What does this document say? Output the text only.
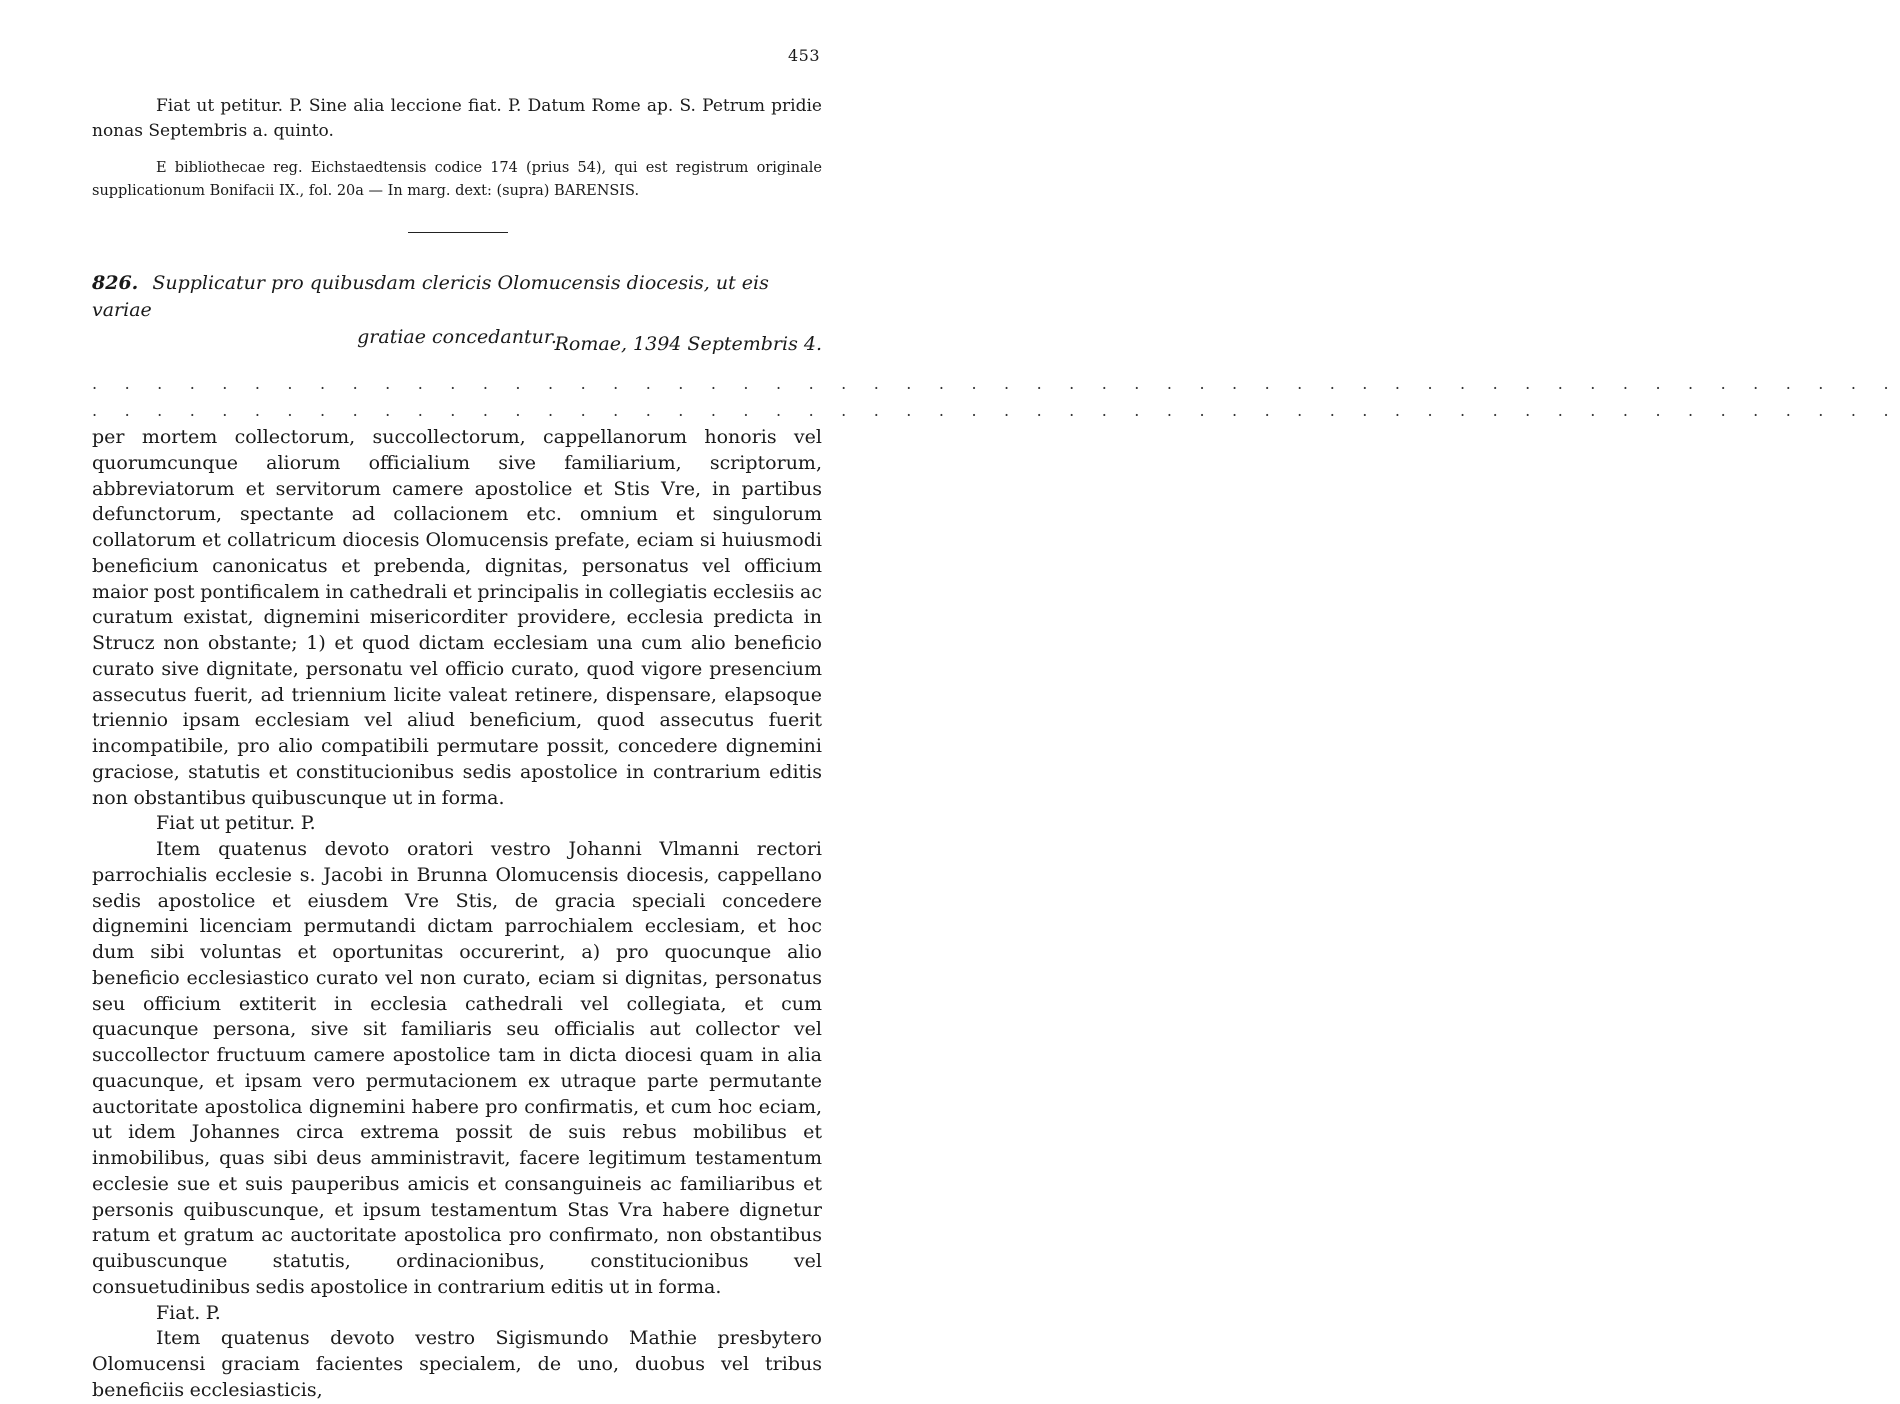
453

Fiat ut petitur. P. Sine alia leccione fiat. P. Datum Rome ap. S. Petrum pridie nonas Septembris a. quinto.

E bibliothecae reg. Eichstaedtensis codice 174 (prius 54), qui est registrum originale supplicationum Bonifacii IX., fol. 20a — In marg. dext: (supra) BARENSIS.

826. Supplicatur pro quibusdam clericis Olomucensis diocesis, ut eis variae
gratiae concedantur.
Romae, 1394 Septembris 4.
. . . . . . . . . . . . . . . . . . . . . . . . . . . . . . . . . . . . . . . . . . . . . . . . . . . . . . . .
. . . . . . . . . . . . . . . . . . . . . . . . . . . . . . . . . . . . . . . . . . . . . . . . . . . . . . . .

per mortem collectorum, succollectorum, cappellanorum honoris vel quorumcunque aliorum officialium sive familiarium, scriptorum, abbreviatorum et servitorum camere apostolice et Stis Vre, in partibus defunctorum, spectante ad collacionem etc. omnium et singulorum collatorum et collatricum diocesis Olomucensis prefate, eciam si huiusmodi beneficium canonicatus et prebenda, dignitas, personatus vel officium maior post pontificalem in cathedrali et principalis in collegiatis ecclesiis ac curatum existat, dignemini misericorditer providere, ecclesia predicta in Strucz non obstante; 1) et quod dictam ecclesiam una cum alio beneficio curato sive dignitate, personatu vel officio curato, quod vigore presencium assecutus fuerit, ad triennium licite valeat retinere, dispensare, elapsoque triennio ipsam ecclesiam vel aliud beneficium, quod assecutus fuerit incompatibile, pro alio compatibili permutare possit, concedere dignemini graciose, statutis et constitucionibus sedis apostolice in contrarium editis non obstantibus quibuscunque ut in forma.

Fiat ut petitur. P.

Item quatenus devoto oratori vestro Johanni Vlmanni rectori parrochialis ecclesie s. Jacobi in Brunna Olomucensis diocesis, cappellano sedis apostolice et eiusdem Vre Stis, de gracia speciali concedere dignemini licenciam permutandi dictam parrochialem ecclesiam, et hoc dum sibi voluntas et oportunitas occurerint, a) pro quocunque alio beneficio ecclesiastico curato vel non curato, eciam si dignitas, personatus seu officium extiterit in ecclesia cathedrali vel collegiata, et cum quacunque persona, sive sit familiaris seu officialis aut collector vel succollector fructuum camere apostolice tam in dicta diocesi quam in alia quacunque, et ipsam vero permutacionem ex utraque parte permutante auctoritate apostolica dignemini habere pro confirmatis, et cum hoc eciam, ut idem Johannes circa extrema possit de suis rebus mobilibus et inmobilibus, quas sibi deus amministravit, facere legitimum testamentum ecclesie sue et suis pauperibus amicis et consanguineis ac familiaribus et personis quibuscunque, et ipsum testamentum Stas Vra habere dignetur ratum et gratum ac auctoritate apostolica pro confirmato, non obstantibus quibuscunque statutis, ordinacionibus, constitucionibus vel consuetudinibus sedis apostolice in contrarium editis ut in forma.

Fiat. P.

Item quatenus devoto vestro Sigismundo Mathie presbytero Olomucensi graciam facientes specialem, de uno, duobus vel tribus beneficiis ecclesiasticis,
